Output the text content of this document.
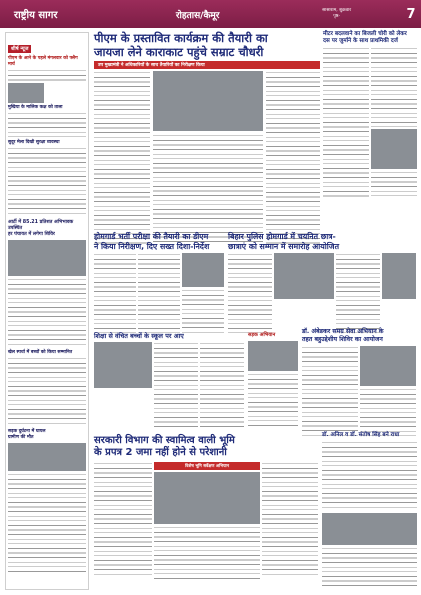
राष्ट्रीय सागर	रोहतास/कैमूर	सासाराम, शुक्रवार
पृष्ठ-	7
शीर्ष न्यूज
पीएम के आने के पहले मंगलवार को फ्लैग मार्च
मुखिया के मालिक कक्ष को ताला
सुदूर मेला दिखी सुरक्षा व्यवस्था
आर्टी में 85.21 प्रतिशत अभिभावक उपस्थित
हर पंचायत में लगेगा शिविर
खेल स्पर्धा में बच्चों को किया सम्मानित
सड़क दुर्घटना में घायल
ग्रामीण की मौत
पीएम के प्रस्तावित कार्यक्रम की तैयारी का
जायजा लेने काराकाट पहुंचे सम्राट चौधरी
उप मुख्यमंत्री ने अधिकारियों के साथ तैयारियों का निरीक्षण किया
मीटर बदलवाने का बिजली चोरी को लेकर
दस पर जुर्माने के साथ प्राथमिकी दर्ज
होमगार्ड भर्ती परीक्षा की तैयारी का डीएम
ने किया निरीक्षण, दिए सख्त दिशा-निर्देश
बिहार पुलिस होमगार्ड में चयनित छात्र-
छात्राएं को सम्मान में समारोह आयोजित
शिक्षा से वंचित बच्चों के स्कूल पर आए	सड़क अभियान	डॉ. अंबेडकर समग्र सेवा अभियान के
तहत बहुउद्देशीय शिविर का आयोजन
सरकारी विभाग की स्वामित्व वाली भूमि
के प्रपत्र 2 जमा नहीं होने से परेशानी
विशेष भूमि सर्वेक्षण अभियान
डॉ. अनिल व डॉ. संतोष सिंह बने राधा
